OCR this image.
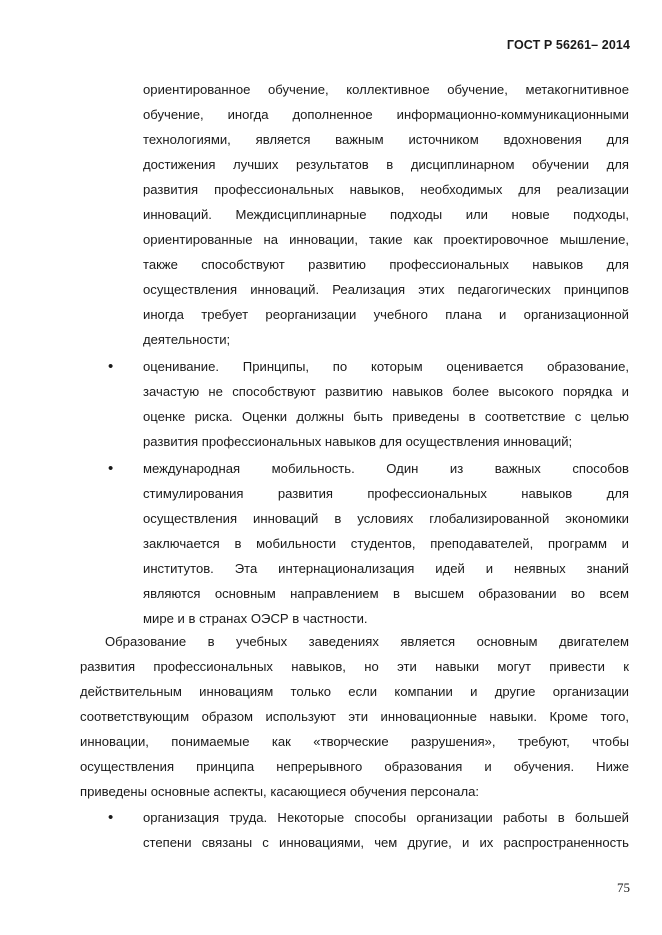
ГОСТ Р 56261– 2014
ориентированное обучение, коллективное обучение, метакогнитивное
обучение, иногда дополненное информационно-коммуникационными
технологиями, является важным источником вдохновения для
достижения лучших результатов в дисциплинарном обучении для
развития профессиональных навыков, необходимых для реализации
инноваций. Междисциплинарные подходы или новые подходы,
ориентированные на инновации, такие как проектировочное мышление,
также способствуют развитию профессиональных навыков для
осуществления инноваций. Реализация этих педагогических принципов
иногда требует реорганизации учебного плана и организационной
деятельности;
• оценивание. Принципы, по которым оценивается образование,
зачастую не способствуют развитию навыков более высокого порядка и
оценке риска. Оценки должны быть приведены в соответствие с целью
развития профессиональных навыков для осуществления инноваций;
• международная мобильность. Один из важных способов
стимулирования развития профессиональных навыков для
осуществления инноваций в условиях глобализированной экономики
заключается в мобильности студентов, преподавателей, программ и
институтов. Эта интернационализация идей и неявных знаний
являются основным направлением в высшем образовании во всем
мире и в странах ОЭСР в частности.
Образование в учебных заведениях является основным двигателем
развития профессиональных навыков, но эти навыки могут привести к
действительным инновациям только если компании и другие организации
соответствующим образом используют эти инновационные навыки. Кроме того,
инновации, понимаемые как «творческие разрушения», требуют, чтобы
осуществления принципа непрерывного образования и обучения. Ниже
приведены основные аспекты, касающиеся обучения персонала:
• организация труда. Некоторые способы организации работы в большей
степени связаны с инновациями, чем другие, и их распространенность
75
